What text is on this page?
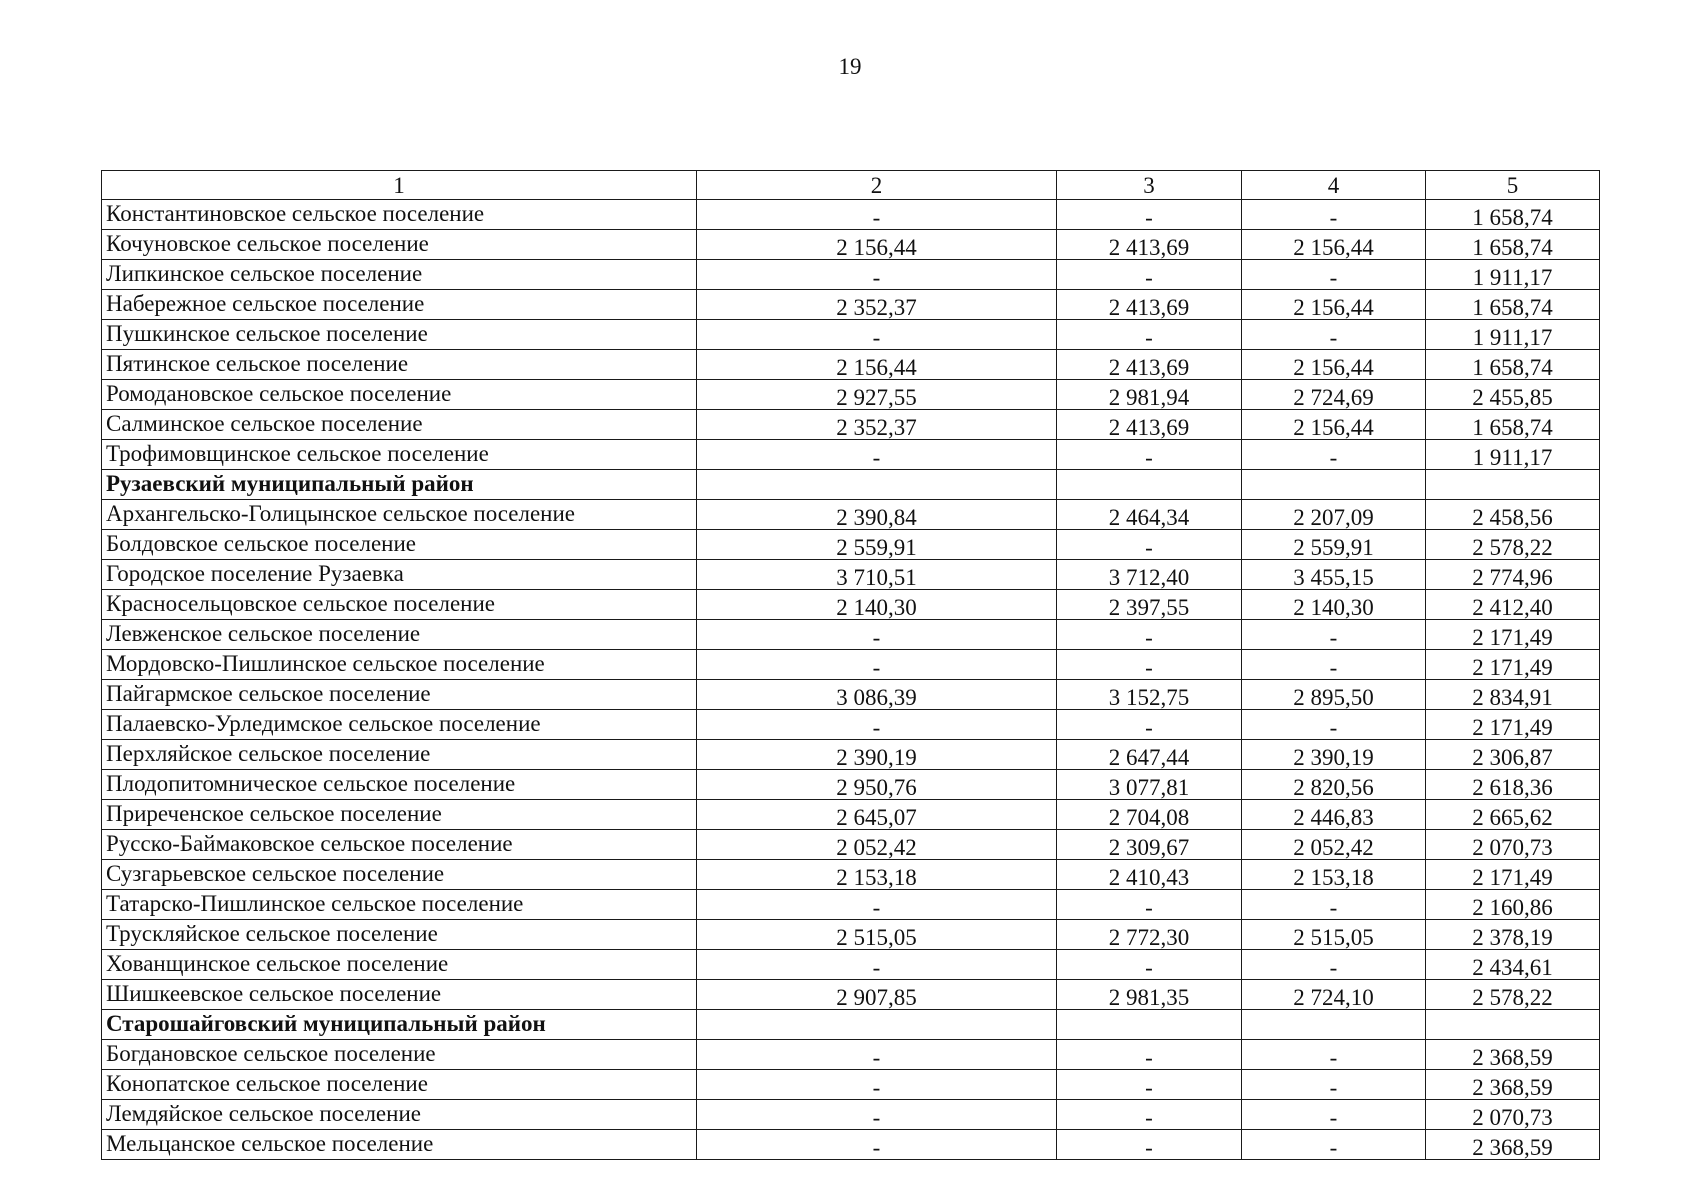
19
1	2	3	4	5
Константиновское сельское поселение	-	-	-	1 658,74
Кочуновское сельское поселение	2 156,44	2 413,69	2 156,44	1 658,74
Липкинское сельское поселение	-	-	-	1 911,17
Набережное сельское поселение	2 352,37	2 413,69	2 156,44	1 658,74
Пушкинское сельское поселение	-	-	-	1 911,17
Пятинское сельское поселение	2 156,44	2 413,69	2 156,44	1 658,74
Ромодановское сельское поселение	2 927,55	2 981,94	2 724,69	2 455,85
Салминское сельское поселение	2 352,37	2 413,69	2 156,44	1 658,74
Трофимовщинское сельское поселение	-	-	-	1 911,17
Рузаевский муниципальный район				
Архангельско-Голицынское сельское поселение	2 390,84	2 464,34	2 207,09	2 458,56
Болдовское сельское поселение	2 559,91	-	2 559,91	2 578,22
Городское поселение Рузаевка	3 710,51	3 712,40	3 455,15	2 774,96
Красносельцовское сельское поселение	2 140,30	2 397,55	2 140,30	2 412,40
Левженское сельское поселение	-	-	-	2 171,49
Мордовско-Пишлинское сельское поселение	-	-	-	2 171,49
Пайгармское сельское поселение	3 086,39	3 152,75	2 895,50	2 834,91
Палаевско-Урледимское сельское поселение	-	-	-	2 171,49
Перхляйское сельское поселение	2 390,19	2 647,44	2 390,19	2 306,87
Плодопитомническое сельское поселение	2 950,76	3 077,81	2 820,56	2 618,36
Приреченское сельское поселение	2 645,07	2 704,08	2 446,83	2 665,62
Русско-Баймаковское сельское поселение	2 052,42	2 309,67	2 052,42	2 070,73
Сузгарьевское сельское поселение	2 153,18	2 410,43	2 153,18	2 171,49
Татарско-Пишлинское сельское поселение	-	-	-	2 160,86
Трускляйское сельское поселение	2 515,05	2 772,30	2 515,05	2 378,19
Хованщинское сельское поселение	-	-	-	2 434,61
Шишкеевское сельское поселение	2 907,85	2 981,35	2 724,10	2 578,22
Старошайговский муниципальный район				
Богдановское сельское поселение	-	-	-	2 368,59
Конопатское сельское поселение	-	-	-	2 368,59
Лемдяйское сельское поселение	-	-	-	2 070,73
Мельцанское сельское поселение	-	-	-	2 368,59
